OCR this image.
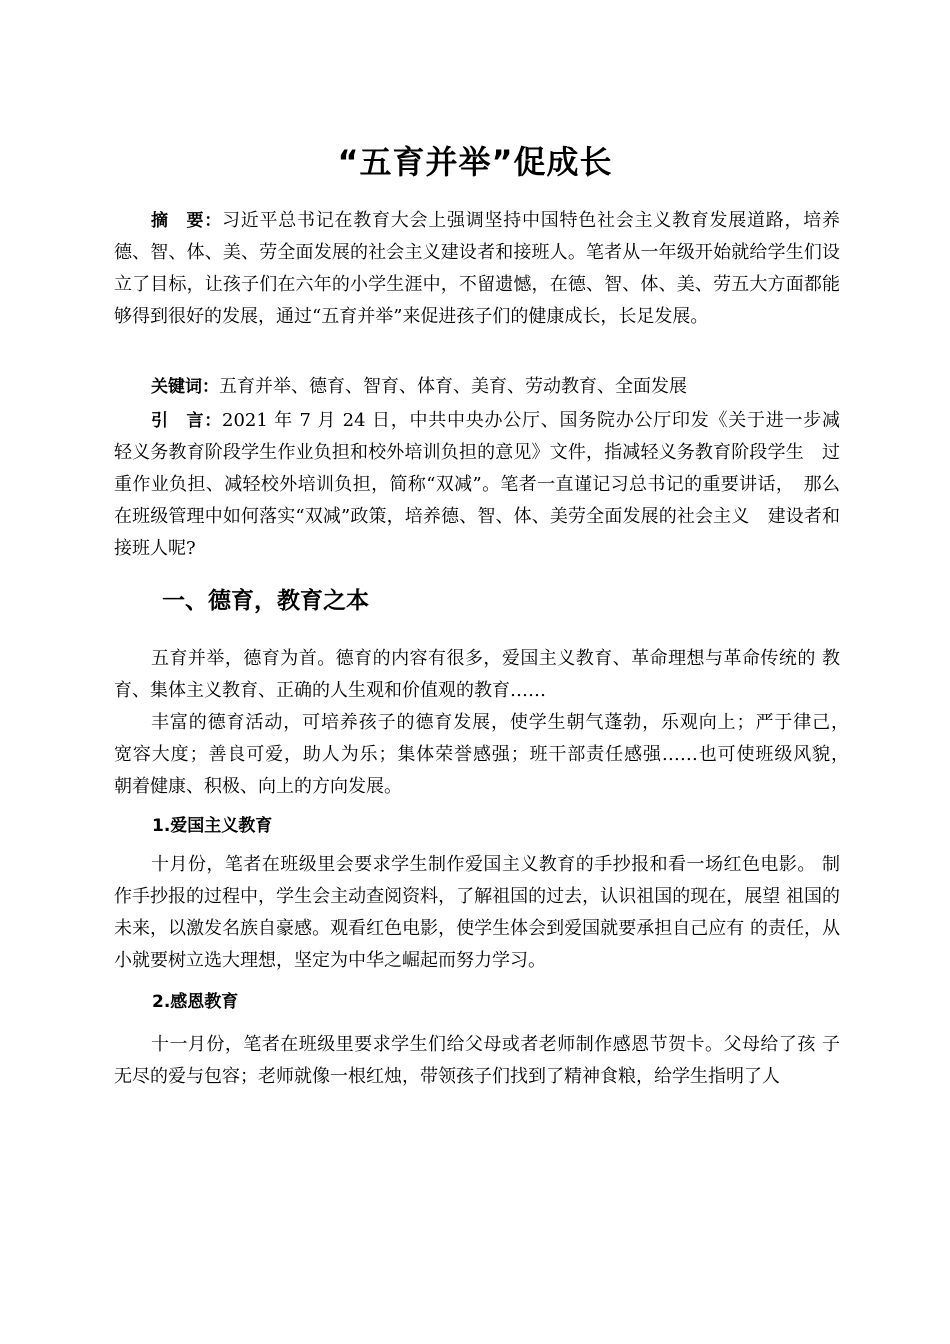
“五育并举”促成长

摘　要：习近平总书记在教育大会上强调坚持中国特色社会主义教育发展道路，培养德、智、体、美、劳全面发展的社会主义建设者和接班人。笔者从一年级开始就给学生们设立了目标，让孩子们在六年的小学生涯中，不留遗憾，在德、智、体、美、劳五大方面都能够得到很好的发展，通过“五育并举”来促进孩子们的健康成长，长足发展。

关键词：五育并举、德育、智育、体育、美育、劳动教育、全面发展

引　言：2021 年 7 月 24 日，中共中央办公厅、国务院办公厅印发《关于进一步减　轻义务教育阶段学生作业负担和校外培训负担的意见》文件，指减轻义务教育阶段学生　过重作业负担、减轻校外培训负担，简称“双减”。笔者一直谨记习总书记的重要讲话，　那么在班级管理中如何落实“双减”政策，培养德、智、体、美劳全面发展的社会主义　建设者和接班人呢?

一、德育，教育之本

五育并举，德育为首。德育的内容有很多，爱国主义教育、革命理想与革命传统的 教育、集体主义教育、正确的人生观和价值观的教育……

丰富的德育活动，可培养孩子的德育发展，使学生朝气蓬勃，乐观向上；严于律己，　宽容大度；善良可爱，助人为乐；集体荣誉感强；班干部责任感强……也可使班级风貌，　朝着健康、积极、向上的方向发展。

1.爱国主义教育

十月份，笔者在班级里会要求学生制作爱国主义教育的手抄报和看一场红色电影。 制作手抄报的过程中，学生会主动查阅资料，了解祖国的过去，认识祖国的现在，展望 祖国的未来，以激发名族自豪感。观看红色电影，使学生体会到爱国就要承担自己应有 的责任，从小就要树立选大理想，坚定为中华之崛起而努力学习。

2.感恩教育

十一月份，笔者在班级里要求学生们给父母或者老师制作感恩节贺卡。父母给了孩 子无尽的爱与包容；老师就像一根红烛，带领孩子们找到了精神食粮，给学生指明了人
